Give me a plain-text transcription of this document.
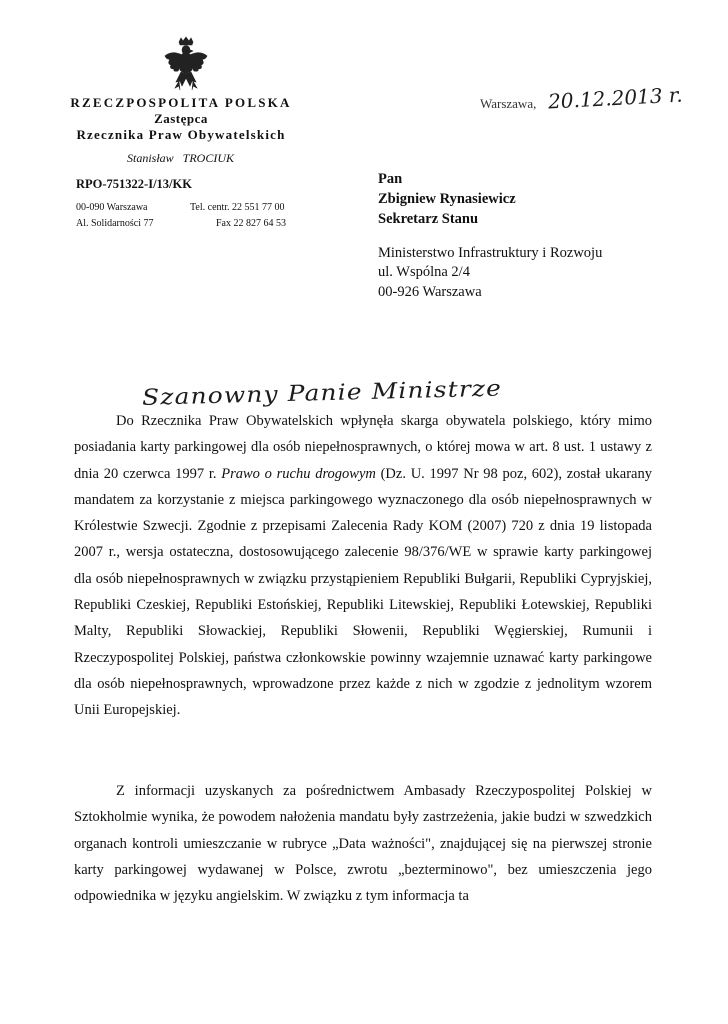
RZECZPOSPOLITA POLSKA
Zastępca
Rzecznika Praw Obywatelskich
Stanisław TROCIUK
RPO-751322-I/13/KK
00-090 Warszawa
Al. Solidarności 77
Tel. centr. 22 551 77 00
Fax 22 827 64 53
Warszawa, 20.12.2013 r.
Pan
Zbigniew Rynasiewicz
Sekretarz Stanu
Ministerstwo Infrastruktury i Rozwoju
ul. Wspólna 2/4
00-926 Warszawa
Szanowny Panie Ministrze

Do Rzecznika Praw Obywatelskich wpłynęła skarga obywatela polskiego, który mimo posiadania karty parkingowej dla osób niepełnosprawnych, o której mowa w art. 8 ust. 1 ustawy z dnia 20 czerwca 1997 r. Prawo o ruchu drogowym (Dz. U. 1997 Nr 98 poz, 602), został ukarany mandatem za korzystanie z miejsca parkingowego wyznaczonego dla osób niepełnosprawnych w Królestwie Szwecji. Zgodnie z przepisami Zalecenia Rady KOM (2007) 720 z dnia 19 listopada 2007 r., wersja ostateczna, dostosowującego zalecenie 98/376/WE w sprawie karty parkingowej dla osób niepełnosprawnych w związku przystąpieniem Republiki Bułgarii, Republiki Cypryjskiej, Republiki Czeskiej, Republiki Estońskiej, Republiki Litewskiej, Republiki Łotewskiej, Republiki Malty, Republiki Słowackiej, Republiki Słowenii, Republiki Węgierskiej, Rumunii i Rzeczypospolitej Polskiej, państwa członkowskie powinny wzajemnie uznawać karty parkingowe dla osób niepełnosprawnych, wprowadzone przez każde z nich w zgodzie z jednolitym wzorem Unii Europejskiej.

Z informacji uzyskanych za pośrednictwem Ambasady Rzeczypospolitej Polskiej w Sztokholmie wynika, że powodem nałożenia mandatu były zastrzeżenia, jakie budzi w szwedzkich organach kontroli umieszczanie w rubryce „Data ważności", znajdującej się na pierwszej stronie karty parkingowej wydawanej w Polsce, zwrotu „bezterminowo", bez umieszczenia jego odpowiednika w języku angielskim. W związku z tym informacja ta
